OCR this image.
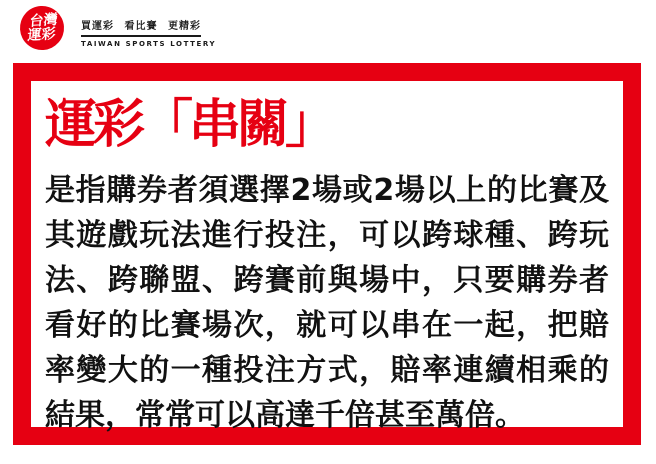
台灣
運彩 買運彩 看比賽 更精彩
TAIWAN SPORTS LOTTERY
運彩「串關」
是指購券者須選擇2場或2場以上的比賽及其遊戲玩法進行投注，可以跨球種、跨玩法、跨聯盟、跨賽前與場中，只要購券者看好的比賽場次，就可以串在一起，把賠率變大的一種投注方式，賠率連續相乘的結果，常常可以高達千倍甚至萬倍。
